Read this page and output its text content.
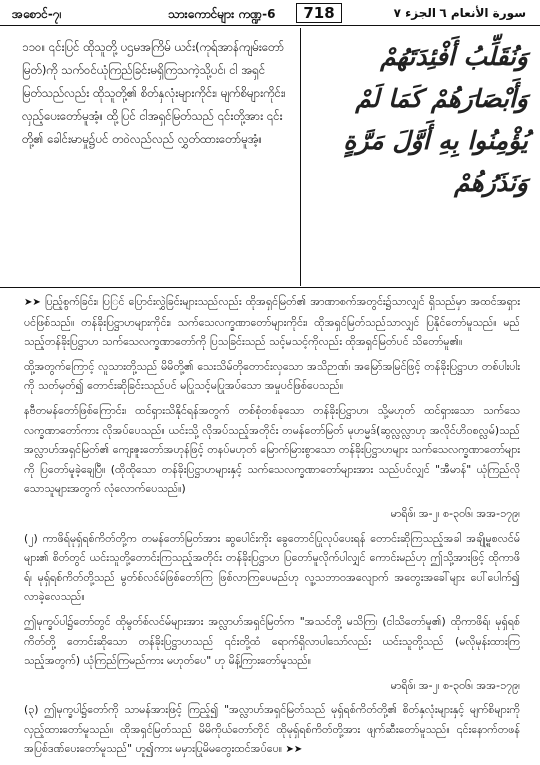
အစောင်-၇၊	သားကောင်များ ကဏ္ဍ-6	718	الجزء ٧ سورة الأنعام ٦
၁၁၀။ ၎င်းပြင် ထိုသူတို့ ပဌမအကြိမ် ယင်း(ကုရ်အာန်ကျမ်းတော်မြတ်)ကို သက်ဝင်ယုံကြည်ခြင်းမရှိကြသကဲ့သို့ပင်၊ ငါ အရှင်မြတ်သည်လည်း ထိုသူတို့၏ စိတ်နှလုံးများကိုင်း၊ မျက်စိများကိုင်း၊ လှည့်ပေးတော်မူအံ့။ ထို့ပြင် ငါအရှင်မြတ်သည် ၎င်းတို့အား ၎င်းတို့၏ ခေါင်းမာမှု၌ပင် တဝဲလည်လည် လွှတ်ထားတော်မူအံ့။
وَنُقَلِّبُ أَفْئِدَتَهُمْ وَأَبْصَارَهُمْ كَمَا لَمْ يُؤْمِنُوا بِهِ أَوَّلَ مَرَّةٍ وَنَذَرُهُمْ

➤➤ ပြည့်စွက်ခြင်း၊ ပြြင် ပြောင်းလွှဲခြင်းများသည်လည်း ထိုအရှင်မြတ်၏ အာဏာစက်အတွင်း၌သာလျှင် ရှိသည်မှာ အထင်အရှားပင်ဖြစ်သည်။ တန်ခိုးပြဋ္ဌာဟများကိုင်း၊ သက်သေလက္ခဏာတော်များကိုင်း၊ ထိုအရှင်မြတ်သည်သာလျှင် ပြနိုင်တော်မူသည်။ မည်သည့်တန်ခိုးပြဋ္ဌာဟ သက်သေလက္ခဏာတော်ကို ပြသခြင်းသည် သင့်မသင့်ကိုလည်း ထိုအရှင်မြတ်ပင် သိတော်မူ၏။

ထို့အတွက်ကြောင့် လူသားတို့သည် မိမိတို့၏ သေးသိမ်တိုတောင်းလှသော အသိဉာဏ်၊ အမြော်အမြင်ဖြင့် တန်ခိုးပြဋ္ဌာဟ တစ်ပါးပါးကို သတ်မှတ်၍ တောင်းဆိုခြင်းသည်ပင် မပြုသင့်မပြုအပ်သော အမှုပင်ဖြစ်ပေသည်။

နဗီတမန်တော်ဖြစ်ကြောင်း၊ ထင်ရှားသိနိုင်ရန်အတွက် တစ်စုံတစ်ခုသော တန်ခိုးပြဋ္ဌာဟ၊ သို့မဟုတ် ထင်ရှားသော သက်သေလက္ခဏာတော်ကား လိုအပ်ပေသည်။ ယင်းသို့ လိုအပ်သည့်အတိုင်း တမန်တော်မြတ် မုဟမ္မဒ်(ဆွလ္လလ္လာဟု အလိုင်ဟိဝစလ္လမ်)သည် အလ္လာဟ်အရှင်မြတ်၏ ကျေးဇူးတော်အဟုန်ဖြင့် တနပ်မဟုတ် မြောက်မြားစွာသော တန်ခိုးပြဋ္ဌာဟများ သက်သေလက္ခဏာတော်များကို ပြတော်မူခဲ့ချေပြီ။ (ထိုထိုသော တန်ခိုးပြဋ္ဌာဟများနှင့် သက်သေလက္ခဏာတော်များအား သည်ပင်လျှင် "အီမာန်" ယုံကြည်လိုသောသူများအတွက် လုံလောက်ပေသည်။)

မာရိဖ်၊ အ-၂၊ စ-၃၀၆၊ အအ-၁၇၉၊

(၂) ကာဖိရ်မုရှ်ရစ်ကိတ်တို့က တမန်တော်မြတ်အား ဆွပေါင်းကိုး ခွေတောင်ပြုလုပ်ပေးရန် တောင်းဆိုကြသည့်အခါ အချို့မူစလင်မ်များ၏ စိတ်တွင် ယင်းသူတို့တောင်းကြသည့်အတိုင်း တန်ခိုးပြဋ္ဌာဟ ပြတော်မူလိုက်ပါလျှင် ကောင်းမည်ဟု ဤသို့အားဖြင့် ထိုကာဖိရ်၊ မုရှ်ရစ်ကိတ်တို့သည် မွတ်စ်လင်မ်ဖြစ်တော်ကြ ဖြစ်လာကြပေမည်ဟု လူ့သဘာဝအလျောက် အတွေးအခေါ်များ ပေါ်ပေါက်၍ လာခဲ့လေသည်။

ဤမုက္ခပ်ပါ၌တော်တွင် ထိုမွတ်စ်လင်မ်များအား အလ္လာဟ်အရှင်မြတ်က "အသင်တို့ မသိကြ၊ (ငါသိတော်မူ၏) ထိုကာဖိရ်၊ မုရှ်ရစ်ကိတ်တို့ တောင်းဆိုသော တန်ခိုးပြဋ္ဌာဟသည် ၎င်းတို့ထံ ရောက်ရှိလာပါသော်လည်း ယင်းသူတို့သည် (မလိုမုန်းထားကြသည့်အတွက်) ယုံကြည်ကြမည်ကား မဟုတ်ပေ" ဟု မိန့်ကြားတော်မူသည်။

မာရိဖ်၊ အ-၂၊ စ-၃၀၆၊ အအ-၁၇၉၊

(၃) ဤမုက္ခပါ၌တော်ကို သာမန်အားဖြင့် ကြည့်၍ "အလ္လာဟ်အရှင်မြတ်သည် မုရှ်ရစ်ကိတ်တို့၏ စိတ်နှလုံးများနှင့် မျက်စိများကို လှည့်ထားတော်မူသည်။ ထိုအရှင်မြတ်သည် မိမိကိုယ်တော်တိုင် ထိုမုရှ်ရစ်ကိတ်တို့အား ဖျက်ဆီးတော်မူသည်။ ၎င်းနောက်တဖန်အပြစ်ဒဏ်ပေးတော်မူသည်" ဟူ၍ကား မမှားပြုမိမတွေးထင်အပ်ပေ။ ➤➤
